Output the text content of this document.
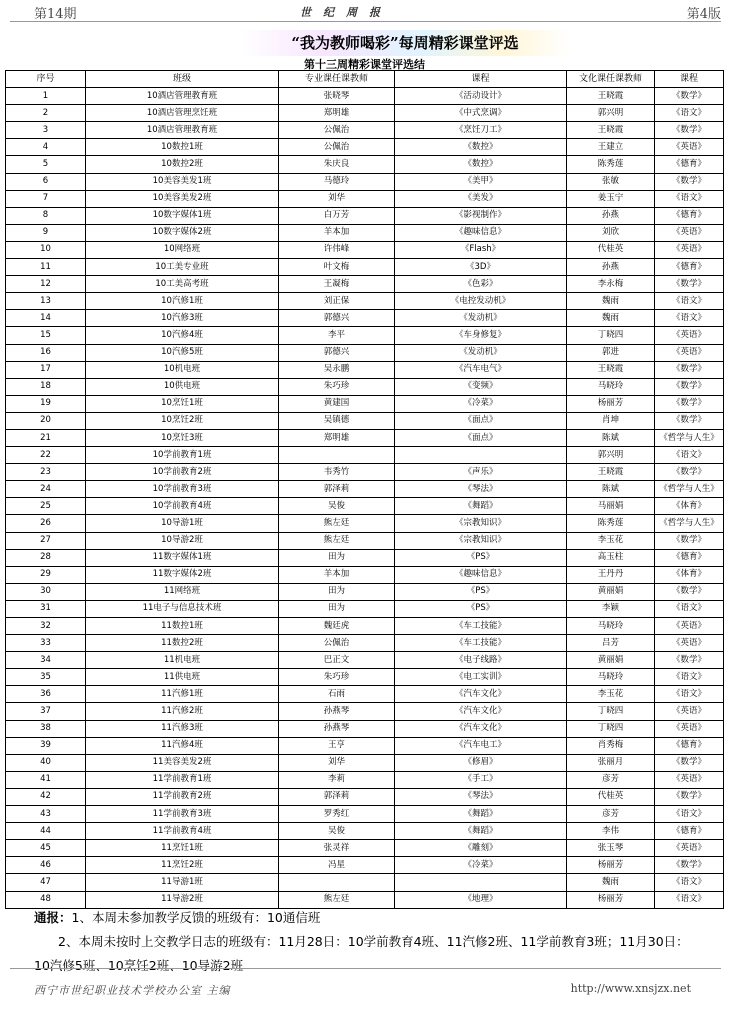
第14期	世纪周报	第4版
“我为教师喝彩”每周精彩课堂评选
第十三周精彩课堂评选结
序号	班级	专业课任课教师	课程	文化课任课教师	课程
1	10酒店管理教育班	张晓琴	《活动设计》	王晓霞	《数学》
2	10酒店管理烹饪班	郑明雄	《中式烹调》	郭兴明	《语文》
3	10酒店管理教育班	公佩治	《烹饪刀工》	王晓霞	《数学》
4	10数控1班	公佩治	《数控》	王建立	《英语》
5	10数控2班	朱庆良	《数控》	陈秀莲	《德育》
6	10美容美发1班	马德玲	《美甲》	张敏	《数学》
7	10美容美发2班	刘华	《美发》	姜玉宁	《语文》
8	10数字媒体1班	白万芳	《影视制作》	孙燕	《德育》
9	10数字媒体2班	羊本加	《趣味信息》	刘欣	《英语》
10	10网络班	许伟峰	《Flash》	代桂英	《英语》
11	10工美专业班	叶文梅	《3D》	孙燕	《德育》
12	10工美高考班	王凝梅	《色彩》	李永梅	《数学》
13	10汽修1班	刘正保	《电控发动机》	魏雨	《语文》
14	10汽修3班	郭德兴	《发动机》	魏雨	《语文》
15	10汽修4班	李平	《车身修复》	丁晓四	《英语》
16	10汽修5班	郭德兴	《发动机》	郭进	《英语》
17	10机电班	吴永鹏	《汽车电气》	王晓霞	《数学》
18	10供电班	朱巧珍	《变频》	马晓玲	《数学》
19	10烹饪1班	黄建国	《冷菜》	杨丽芳	《数学》
20	10烹饪2班	吴镇德	《面点》	肖坤	《数学》
21	10烹饪3班	郑明雄	《面点》	陈斌	《哲学与人生》
22	10学前教育1班			郭兴明	《语文》
23	10学前教育2班	韦秀竹	《声乐》	王晓霞	《数学》
24	10学前教育3班	郭泽莉	《琴法》	陈斌	《哲学与人生》
25	10学前教育4班	吴俊	《舞蹈》	马丽娟	《体育》
26	10导游1班	熊左廷	《宗教知识》	陈秀莲	《哲学与人生》
27	10导游2班	熊左廷	《宗教知识》	李玉花	《数学》
28	11数字媒体1班	田为	《PS》	高玉柱	《德育》
29	11数字媒体2班	羊本加	《趣味信息》	王丹丹	《体育》
30	11网络班	田为	《PS》	黄丽娟	《数学》
31	11电子与信息技术班	田为	《PS》	李颖	《语文》
32	11数控1班	魏廷虎	《车工技能》	马晓玲	《英语》
33	11数控2班	公佩治	《车工技能》	吕芳	《英语》
34	11机电班	巴正文	《电子线路》	黄丽娟	《数学》
35	11供电班	朱巧珍	《电工实训》	马晓玲	《语文》
36	11汽修1班	石雨	《汽车文化》	李玉花	《语文》
37	11汽修2班	孙燕琴	《汽车文化》	丁晓四	《英语》
38	11汽修3班	孙燕琴	《汽车文化》	丁晓四	《英语》
39	11汽修4班	王亨	《汽车电工》	肖秀梅	《德育》
40	11美容美发2班	刘华	《修眉》	张丽月	《数学》
41	11学前教育1班	李莉	《手工》	彦芳	《英语》
42	11学前教育2班	郭泽莉	《琴法》	代桂英	《数学》
43	11学前教育3班	罗秀红	《舞蹈》	彦芳	《语文》
44	11学前教育4班	吴俊	《舞蹈》	李伟	《德育》
45	11烹饪1班	张灵祥	《雕刻》	张玉琴	《英语》
46	11烹饪2班	冯星	《冷菜》	杨丽芳	《数学》
47	11导游1班			魏雨	《语文》
48	11导游2班	熊左廷	《地理》	杨丽芳	《语文》
通报：1、本周未参加教学反馈的班级有：10通信班
2、本周未按时上交教学日志的班级有：11月28日：10学前教育4班、11汽修2班、11学前教育3班；11月30日：10汽修5班、10烹饪2班、10导游2班
西宁市世纪职业技术学校办公室 主编	http://www.xnsjzx.net
